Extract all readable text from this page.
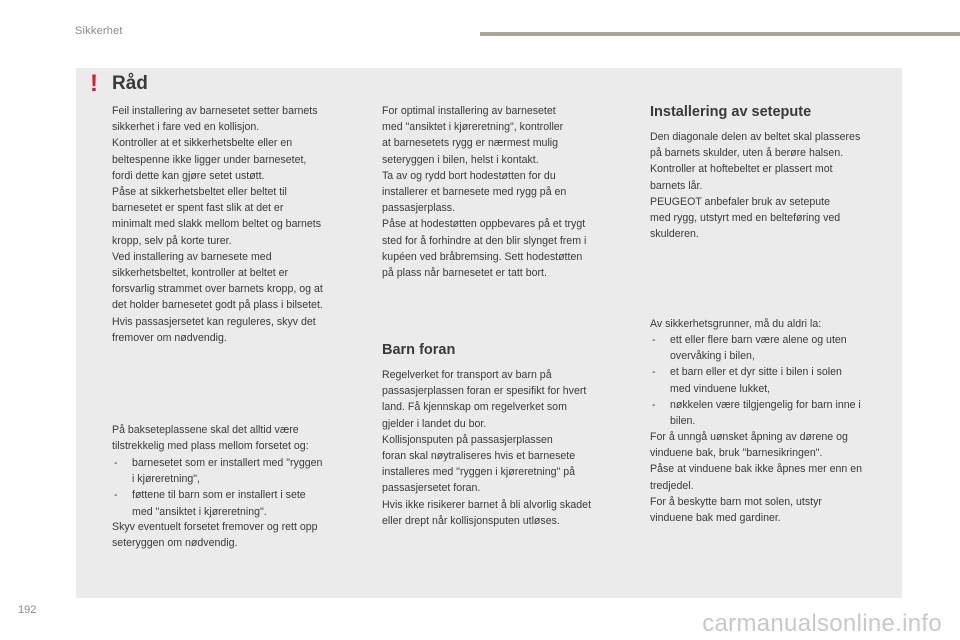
Sikkerhet
! Råd

Feil installering av barnesetet setter barnets
sikkerhet i fare ved en kollisjon.
Kontroller at et sikkerhetsbelte eller en
beltespenne ikke ligger under barnesetet,
fordi dette kan gjøre setet ustøtt.
Påse at sikkerhetsbeltet eller beltet til
barnesetet er spent fast slik at det er
minimalt med slakk mellom beltet og barnets
kropp, selv på korte turer.
Ved installering av barnesete med
sikkerhetsbeltet, kontroller at beltet er
forsvarlig strammet over barnets kropp, og at
det holder barnesetet godt på plass i bilsetet.
Hvis passasjersetet kan reguleres, skyv det
fremover om nødvendig.

På bakseteplassene skal det alltid være
tilstrekkelig med plass mellom forsetet og:

- barnesetet som er installert med "ryggen
i kjøreretning",
- føttene til barn som er installert i sete
med "ansiktet i kjøreretning".

Skyv eventuelt forsetet fremover og rett opp
seteryggen om nødvendig.

For optimal installering av barnesetet
med "ansiktet i kjøreretning", kontroller
at barnesetets rygg er nærmest mulig
seteryggen i bilen, helst i kontakt.
Ta av og rydd bort hodestøtten for du
installerer et barnesete med rygg på en
passasjerplass.
Påse at hodestøtten oppbevares på et trygt
sted for å forhindre at den blir slynget frem i
kupéen ved bråbremsing. Sett hodestøtten
på plass når barnesetet er tatt bort.

Barn foran

Regelverket for transport av barn på
passasjerplassen foran er spesifikt for hvert
land. Få kjennskap om regelverket som
gjelder i landet du bor.
Kollisjonsputen på passasjerplassen
foran skal nøytraliseres hvis et barnesete
installeres med "ryggen i kjøreretning" på
passasjersetet foran.
Hvis ikke risikerer barnet å bli alvorlig skadet
eller drept når kollisjonsputen utløses.

Installering av setepute

Den diagonale delen av beltet skal plasseres
på barnets skulder, uten å berøre halsen.
Kontroller at hoftebeltet er plassert mot
barnets lår.
PEUGEOT anbefaler bruk av setepute
med rygg, utstyrt med en belteføring ved
skulderen.

Av sikkerhetsgrunner, må du aldri la:

- ett eller flere barn være alene og uten
overvåking i bilen,
- et barn eller et dyr sitte i bilen i solen
med vinduene lukket,
- nøkkelen være tilgjengelig for barn inne i
bilen.

For å unngå uønsket åpning av dørene og
vinduene bak, bruk "barnesikringen".
Påse at vinduene bak ikke åpnes mer enn en
tredjedel.
For å beskytte barn mot solen, utstyr
vinduene bak med gardiner.

192	carmanualsonline.info
